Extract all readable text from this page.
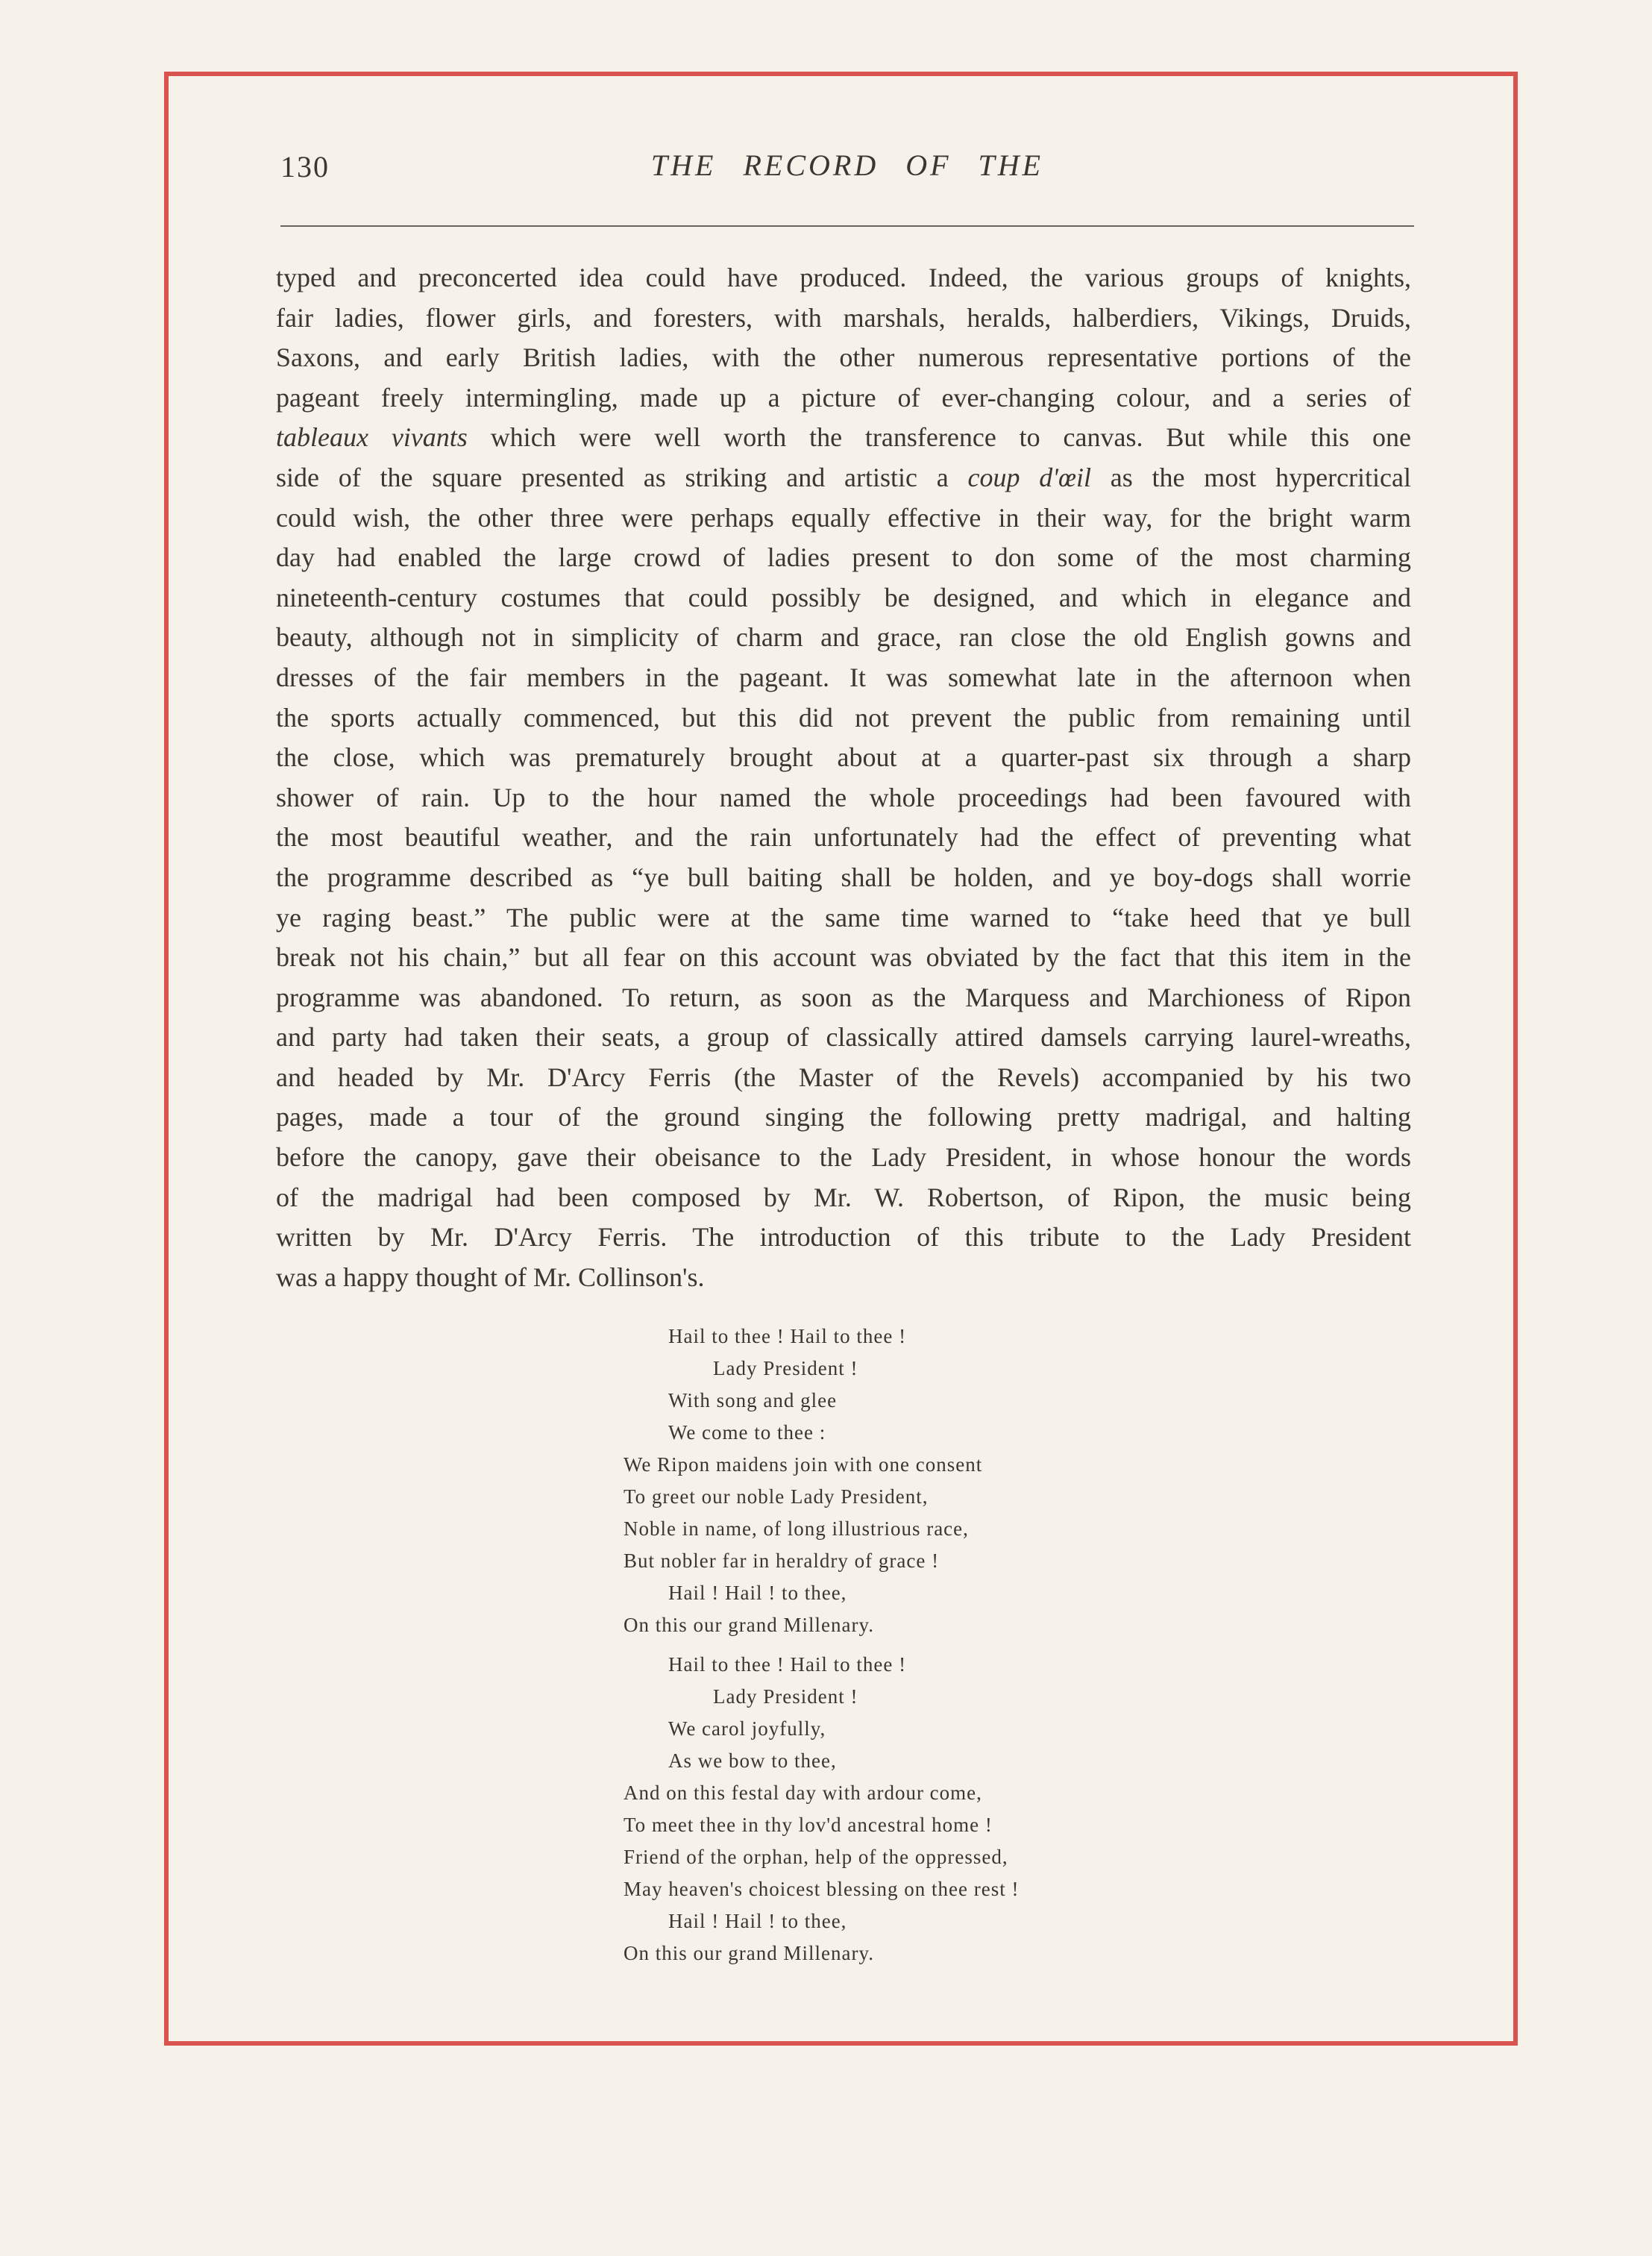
130	THE RECORD OF THE
typed and preconcerted idea could have produced. Indeed, the various groups of knights,
fair ladies, flower girls, and foresters, with marshals, heralds, halberdiers, Vikings, Druids,
Saxons, and early British ladies, with the other numerous representative portions of the
pageant freely intermingling, made up a picture of ever-changing colour, and a series of
tableaux vivants which were well worth the transference to canvas. But while this one
side of the square presented as striking and artistic a coup d'œil as the most hypercritical
could wish, the other three were perhaps equally effective in their way, for the bright warm
day had enabled the large crowd of ladies present to don some of the most charming
nineteenth-century costumes that could possibly be designed, and which in elegance and
beauty, although not in simplicity of charm and grace, ran close the old English gowns and
dresses of the fair members in the pageant. It was somewhat late in the afternoon when
the sports actually commenced, but this did not prevent the public from remaining until
the close, which was prematurely brought about at a quarter-past six through a sharp
shower of rain. Up to the hour named the whole proceedings had been favoured with
the most beautiful weather, and the rain unfortunately had the effect of preventing what
the programme described as “ye bull baiting shall be holden, and ye boy-dogs shall worrie
ye raging beast.” The public were at the same time warned to “take heed that ye bull
break not his chain,” but all fear on this account was obviated by the fact that this item in the
programme was abandoned. To return, as soon as the Marquess and Marchioness of Ripon
and party had taken their seats, a group of classically attired damsels carrying laurel-wreaths,
and headed by Mr. D'Arcy Ferris (the Master of the Revels) accompanied by his two
pages, made a tour of the ground singing the following pretty madrigal, and halting
before the canopy, gave their obeisance to the Lady President, in whose honour the words
of the madrigal had been composed by Mr. W. Robertson, of Ripon, the music being
written by Mr. D'Arcy Ferris. The introduction of this tribute to the Lady President
was a happy thought of Mr. Collinson's.
Hail to thee ! Hail to thee !
Lady President !
With song and glee
We come to thee :
We Ripon maidens join with one consent
To greet our noble Lady President,
Noble in name, of long illustrious race,
But nobler far in heraldry of grace !
Hail ! Hail ! to thee,
On this our grand Millenary.
Hail to thee ! Hail to thee !
Lady President !
We carol joyfully,
As we bow to thee,
And on this festal day with ardour come,
To meet thee in thy lov'd ancestral home !
Friend of the orphan, help of the oppressed,
May heaven's choicest blessing on thee rest !
Hail ! Hail ! to thee,
On this our grand Millenary.
